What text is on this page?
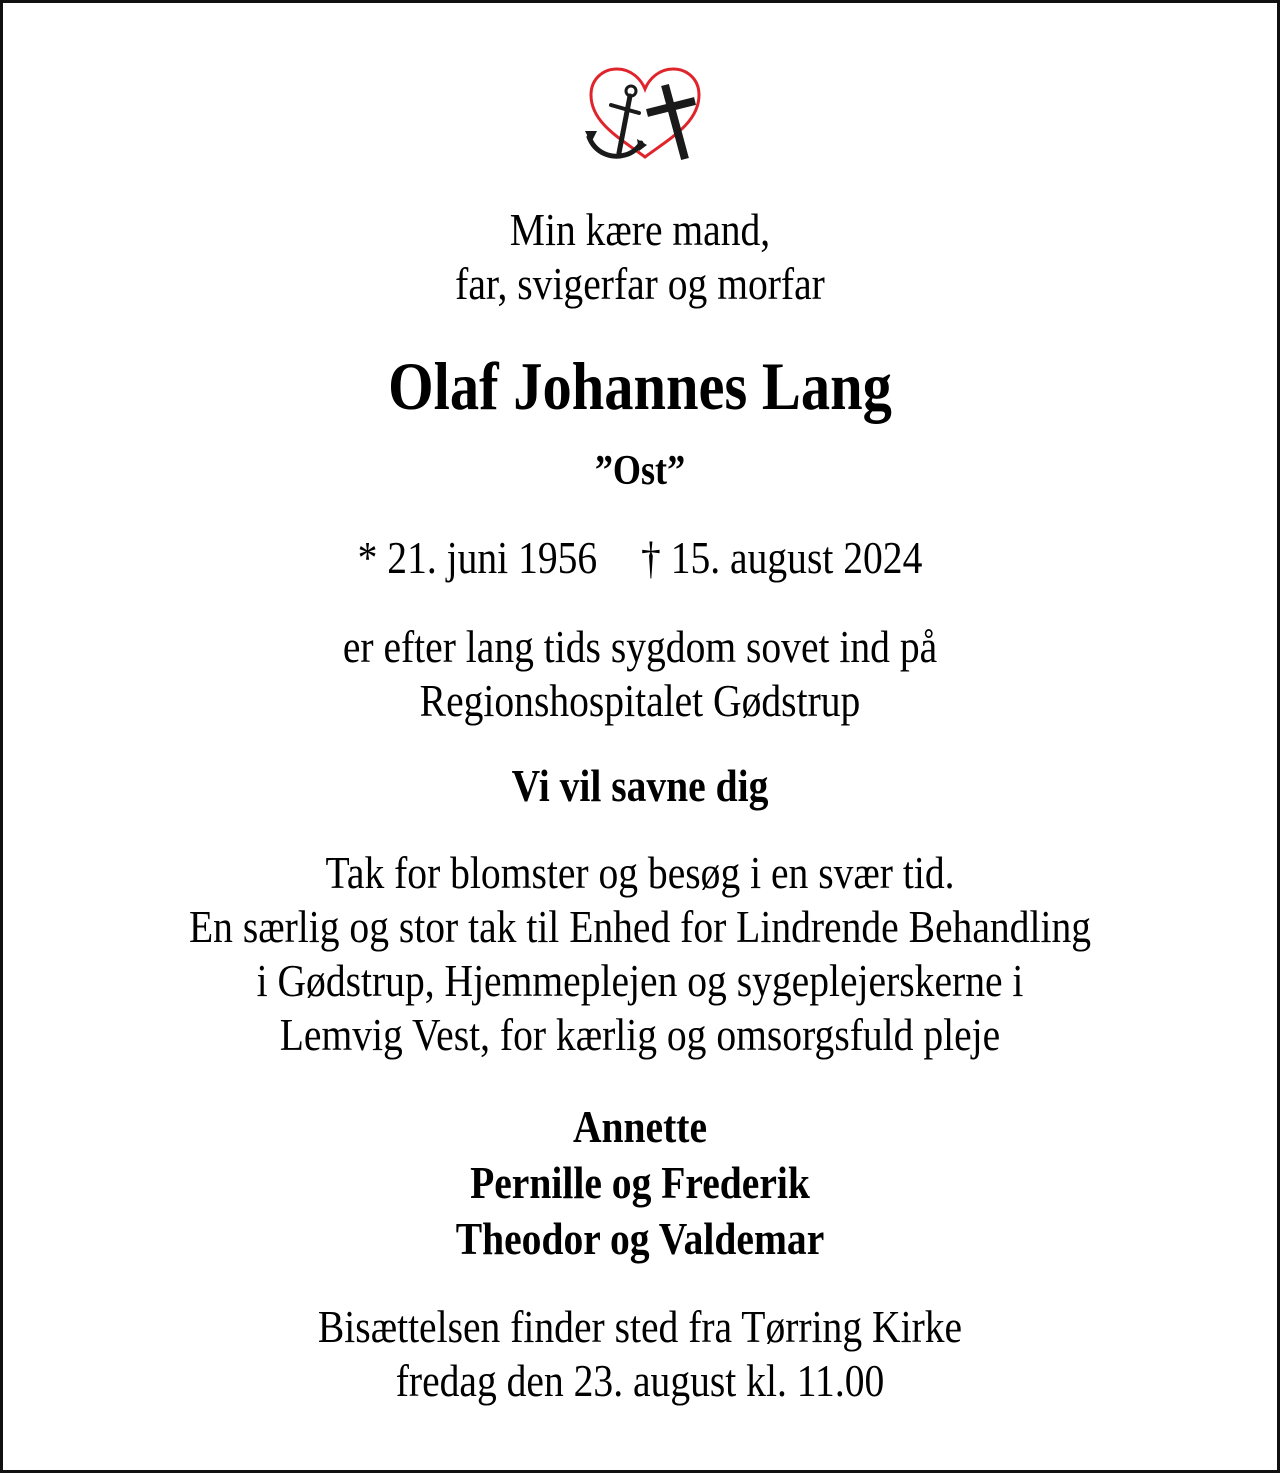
Min kære mand,
far, svigerfar og morfar
Olaf Johannes Lang
”Ost”
* 21. juni 1956 † 15. august 2024
er efter lang tids sygdom sovet ind på
Regionshospitalet Gødstrup
Vi vil savne dig
Tak for blomster og besøg i en svær tid.
En særlig og stor tak til Enhed for Lindrende Behandling
i Gødstrup, Hjemmeplejen og sygeplejerskerne i
Lemvig Vest, for kærlig og omsorgsfuld pleje
Annette
Pernille og Frederik
Theodor og Valdemar
Bisættelsen finder sted fra Tørring Kirke
fredag den 23. august kl. 11.00
